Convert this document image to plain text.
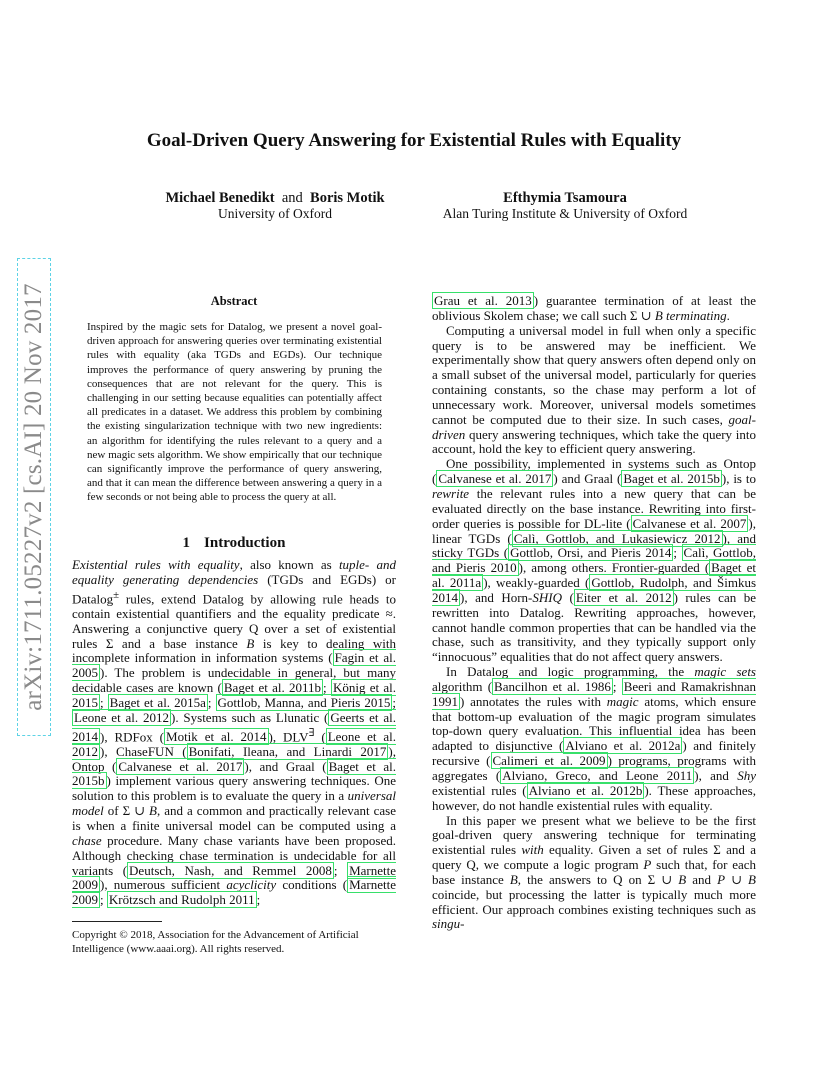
arXiv:1711.05227v2 [cs.AI] 20 Nov 2017
Goal-Driven Query Answering for Existential Rules with Equality
Michael Benedikt and Boris Motik
University of Oxford
Efthymia Tsamoura
Alan Turing Institute & University of Oxford
Abstract

Inspired by the magic sets for Datalog, we present a novel goal-driven approach for answering queries over terminating existential rules with equality (aka TGDs and EGDs). Our technique improves the performance of query answering by pruning the consequences that are not relevant for the query. This is challenging in our setting because equalities can potentially affect all predicates in a dataset. We address this problem by combining the existing singularization technique with two new ingredients: an algorithm for identifying the rules relevant to a query and a new magic sets algorithm. We show empirically that our technique can significantly improve the performance of query answering, and that it can mean the difference between answering a query in a few seconds or not being able to process the query at all.

1 Introduction

Existential rules with equality, also known as tuple- and equality generating dependencies (TGDs and EGDs) or Datalog± rules, extend Datalog by allowing rule heads to contain existential quantifiers and the equality predicate ≈. Answering a conjunctive query Q over a set of existential rules Σ and a base instance B is key to dealing with incomplete information in information systems ( Fagin et al. 2005 ). The problem is undecidable in general, but many decidable cases are known ( Baget et al. 2011b ; König et al. 2015 ; Baget et al. 2015a ; Gottlob, Manna, and Pieris 2015 ; Leone et al. 2012 ). Systems such as Llunatic ( Geerts et al. 2014 ), RDFox ( Motik et al. 2014 ), DLV∃ ( Leone et al. 2012 ), ChaseFUN ( Bonifati, Ileana, and Linardi 2017 ), Ontop ( Calvanese et al. 2017 ), and Graal ( Baget et al. 2015b ) implement various query answering techniques. One solution to this problem is to evaluate the query in a universal model of Σ ∪ B, and a common and practically relevant case is when a finite universal model can be computed using a chase procedure. Many chase variants have been proposed. Although checking chase termination is undecidable for all variants ( Deutsch, Nash, and Remmel 2008 ; Marnette 2009 ), numerous sufficient acyclicity conditions ( Marnette 2009 ; Krötzsch and Rudolph 2011 ;

Copyright © 2018, Association for the Advancement of Artificial Intelligence (www.aaai.org). All rights reserved.

Grau et al. 2013 ) guarantee termination of at least the oblivious Skolem chase; we call such Σ ∪ B terminating.

Computing a universal model in full when only a specific query is to be answered may be inefficient. We experimentally show that query answers often depend only on a small subset of the universal model, particularly for queries containing constants, so the chase may perform a lot of unnecessary work. Moreover, universal models sometimes cannot be computed due to their size. In such cases, goal-driven query answering techniques, which take the query into account, hold the key to efficient query answering.

One possibility, implemented in systems such as Ontop ( Calvanese et al. 2017 ) and Graal ( Baget et al. 2015b ), is to rewrite the relevant rules into a new query that can be evaluated directly on the base instance. Rewriting into first-order queries is possible for DL-lite ( Calvanese et al. 2007 ), linear TGDs ( Calì, Gottlob, and Lukasiewicz 2012 ), and sticky TGDs ( Gottlob, Orsi, and Pieris 2014 ; Calì, Gottlob, and Pieris 2010 ), among others. Frontier-guarded ( Baget et al. 2011a ), weakly-guarded ( Gottlob, Rudolph, and Šimkus 2014 ), and Horn-SHIQ ( Eiter et al. 2012 ) rules can be rewritten into Datalog. Rewriting approaches, however, cannot handle common properties that can be handled via the chase, such as transitivity, and they typically support only “innocuous” equalities that do not affect query answers.

In Datalog and logic programming, the magic sets algorithm ( Bancilhon et al. 1986 ; Beeri and Ramakrishnan 1991 ) annotates the rules with magic atoms, which ensure that bottom-up evaluation of the magic program simulates top-down query evaluation. This influential idea has been adapted to disjunctive ( Alviano et al. 2012a ) and finitely recursive ( Calimeri et al. 2009 ) programs, programs with aggregates ( Alviano, Greco, and Leone 2011 ), and Shy existential rules ( Alviano et al. 2012b ). These approaches, however, do not handle existential rules with equality.

In this paper we present what we believe to be the first goal-driven query answering technique for terminating existential rules with equality. Given a set of rules Σ and a query Q, we compute a logic program P such that, for each base instance B, the answers to Q on Σ ∪ B and P ∪ B coincide, but processing the latter is typically much more efficient. Our approach combines existing techniques such as singu-
